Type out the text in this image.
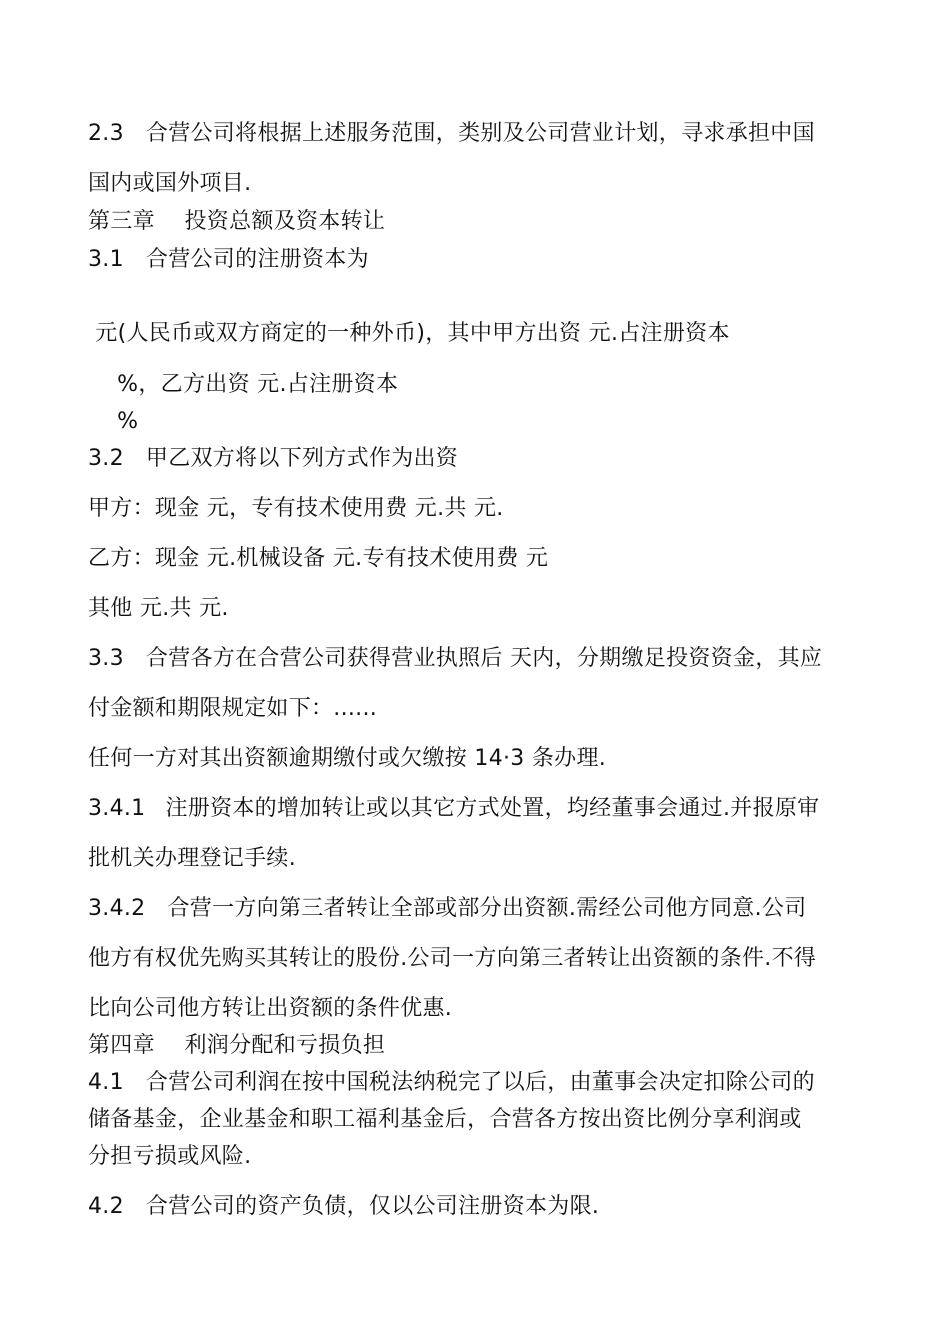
2.3 合营公司将根据上述服务范围，类别及公司营业计划，寻求承担中国
国内或国外项目.
第三章　 投资总额及资本转让
3.1 合营公司的注册资本为
元(人民币或双方商定的一种外币)，其中甲方出资 元.占注册资本
%，乙方出资 元.占注册资本
%
3.2 甲乙双方将以下列方式作为出资
甲方：现金 元，专有技术使用费 元.共 元.
乙方：现金 元.机械设备 元.专有技术使用费 元
其他 元.共 元.
3.3 合营各方在合营公司获得营业执照后 天内，分期缴足投资资金，其应
付金额和期限规定如下：......
任何一方对其出资额逾期缴付或欠缴按 14·3 条办理.
3.4.1 注册资本的增加转让或以其它方式处置，均经董事会通过.并报原审
批机关办理登记手续.
3.4.2 合营一方向第三者转让全部或部分出资额.需经公司他方同意.公司
他方有权优先购买其转让的股份.公司一方向第三者转让出资额的条件.不得
比向公司他方转让出资额的条件优惠.
第四章　 利润分配和亏损负担
4.1 合营公司利润在按中国税法纳税完了以后，由董事会决定扣除公司的
储备基金，企业基金和职工福利基金后，合营各方按出资比例分享利润或
分担亏损或风险.
4.2 合营公司的资产负债，仅以公司注册资本为限.
